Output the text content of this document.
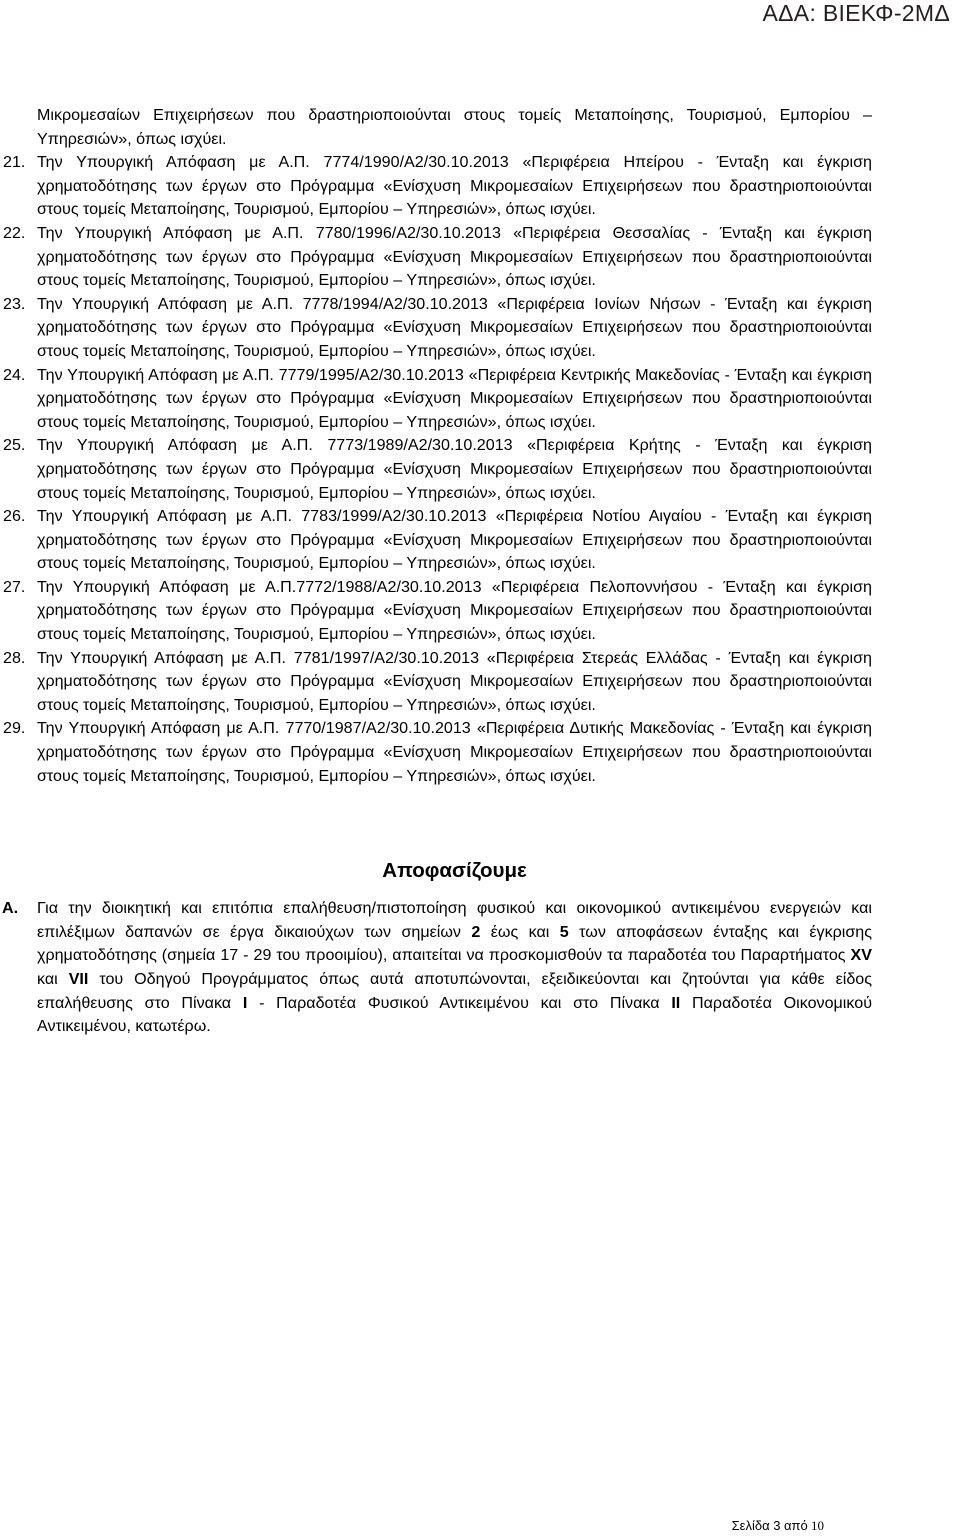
ΑΔΑ: ΒΙΕΚΦ-2ΜΔ

Μικρομεσαίων Επιχειρήσεων που δραστηριοποιούνται στους τομείς Μεταποίησης, Τουρισμού, Εμπορίου – Υπηρεσιών», όπως ισχύει.

21. Την Υπουργική Απόφαση με Α.Π. 7774/1990/Α2/30.10.2013 «Περιφέρεια Ηπείρου - Ένταξη και έγκριση χρηματοδότησης των έργων στο Πρόγραμμα «Ενίσχυση Μικρομεσαίων Επιχειρήσεων που δραστηριοποιούνται στους τομείς Μεταποίησης, Τουρισμού, Εμπορίου – Υπηρεσιών», όπως ισχύει.

22. Την Υπουργική Απόφαση με Α.Π. 7780/1996/Α2/30.10.2013 «Περιφέρεια Θεσσαλίας - Ένταξη και έγκριση χρηματοδότησης των έργων στο Πρόγραμμα «Ενίσχυση Μικρομεσαίων Επιχειρήσεων που δραστηριοποιούνται στους τομείς Μεταποίησης, Τουρισμού, Εμπορίου – Υπηρεσιών», όπως ισχύει.

23. Την Υπουργική Απόφαση με Α.Π. 7778/1994/Α2/30.10.2013 «Περιφέρεια Ιονίων Νήσων - Ένταξη και έγκριση χρηματοδότησης των έργων στο Πρόγραμμα «Ενίσχυση Μικρομεσαίων Επιχειρήσεων που δραστηριοποιούνται στους τομείς Μεταποίησης, Τουρισμού, Εμπορίου – Υπηρεσιών», όπως ισχύει.

24. Την Υπουργική Απόφαση με Α.Π. 7779/1995/Α2/30.10.2013 «Περιφέρεια Κεντρικής Μακεδονίας - Ένταξη και έγκριση χρηματοδότησης των έργων στο Πρόγραμμα «Ενίσχυση Μικρομεσαίων Επιχειρήσεων που δραστηριοποιούνται στους τομείς Μεταποίησης, Τουρισμού, Εμπορίου – Υπηρεσιών», όπως ισχύει.

25. Την Υπουργική Απόφαση με Α.Π. 7773/1989/Α2/30.10.2013 «Περιφέρεια Κρήτης - Ένταξη και έγκριση χρηματοδότησης των έργων στο Πρόγραμμα «Ενίσχυση Μικρομεσαίων Επιχειρήσεων που δραστηριοποιούνται στους τομείς Μεταποίησης, Τουρισμού, Εμπορίου – Υπηρεσιών», όπως ισχύει.

26. Την Υπουργική Απόφαση με Α.Π. 7783/1999/Α2/30.10.2013 «Περιφέρεια Νοτίου Αιγαίου - Ένταξη και έγκριση χρηματοδότησης των έργων στο Πρόγραμμα «Ενίσχυση Μικρομεσαίων Επιχειρήσεων που δραστηριοποιούνται στους τομείς Μεταποίησης, Τουρισμού, Εμπορίου – Υπηρεσιών», όπως ισχύει.

27. Την Υπουργική Απόφαση με Α.Π.7772/1988/Α2/30.10.2013 «Περιφέρεια Πελοποννήσου - Ένταξη και έγκριση χρηματοδότησης των έργων στο Πρόγραμμα «Ενίσχυση Μικρομεσαίων Επιχειρήσεων που δραστηριοποιούνται στους τομείς Μεταποίησης, Τουρισμού, Εμπορίου – Υπηρεσιών», όπως ισχύει.

28. Την Υπουργική Απόφαση με Α.Π. 7781/1997/Α2/30.10.2013 «Περιφέρεια Στερεάς Ελλάδας - Ένταξη και έγκριση χρηματοδότησης των έργων στο Πρόγραμμα «Ενίσχυση Μικρομεσαίων Επιχειρήσεων που δραστηριοποιούνται στους τομείς Μεταποίησης, Τουρισμού, Εμπορίου – Υπηρεσιών», όπως ισχύει.

29. Την Υπουργική Απόφαση με Α.Π. 7770/1987/Α2/30.10.2013 «Περιφέρεια Δυτικής Μακεδονίας - Ένταξη και έγκριση χρηματοδότησης των έργων στο Πρόγραμμα «Ενίσχυση Μικρομεσαίων Επιχειρήσεων που δραστηριοποιούνται στους τομείς Μεταποίησης, Τουρισμού, Εμπορίου – Υπηρεσιών», όπως ισχύει.

Αποφασίζουμε

Α. Για την διοικητική και επιτόπια επαλήθευση/πιστοποίηση φυσικού και οικονομικού αντικειμένου ενεργειών και επιλέξιμων δαπανών σε έργα δικαιούχων των σημείων 2 έως και 5 των αποφάσεων ένταξης και έγκρισης χρηματοδότησης (σημεία 17 - 29 του προοιμίου), απαιτείται να προσκομισθούν τα παραδοτέα του Παραρτήματος XV και VII του Οδηγού Προγράμματος όπως αυτά αποτυπώνονται, εξειδικεύονται και ζητούνται για κάθε είδος επαλήθευσης στο Πίνακα I - Παραδοτέα Φυσικού Αντικειμένου και στο Πίνακα II Παραδοτέα Οικονομικού Αντικειμένου, κατωτέρω.

Σελίδα 3 από 10
